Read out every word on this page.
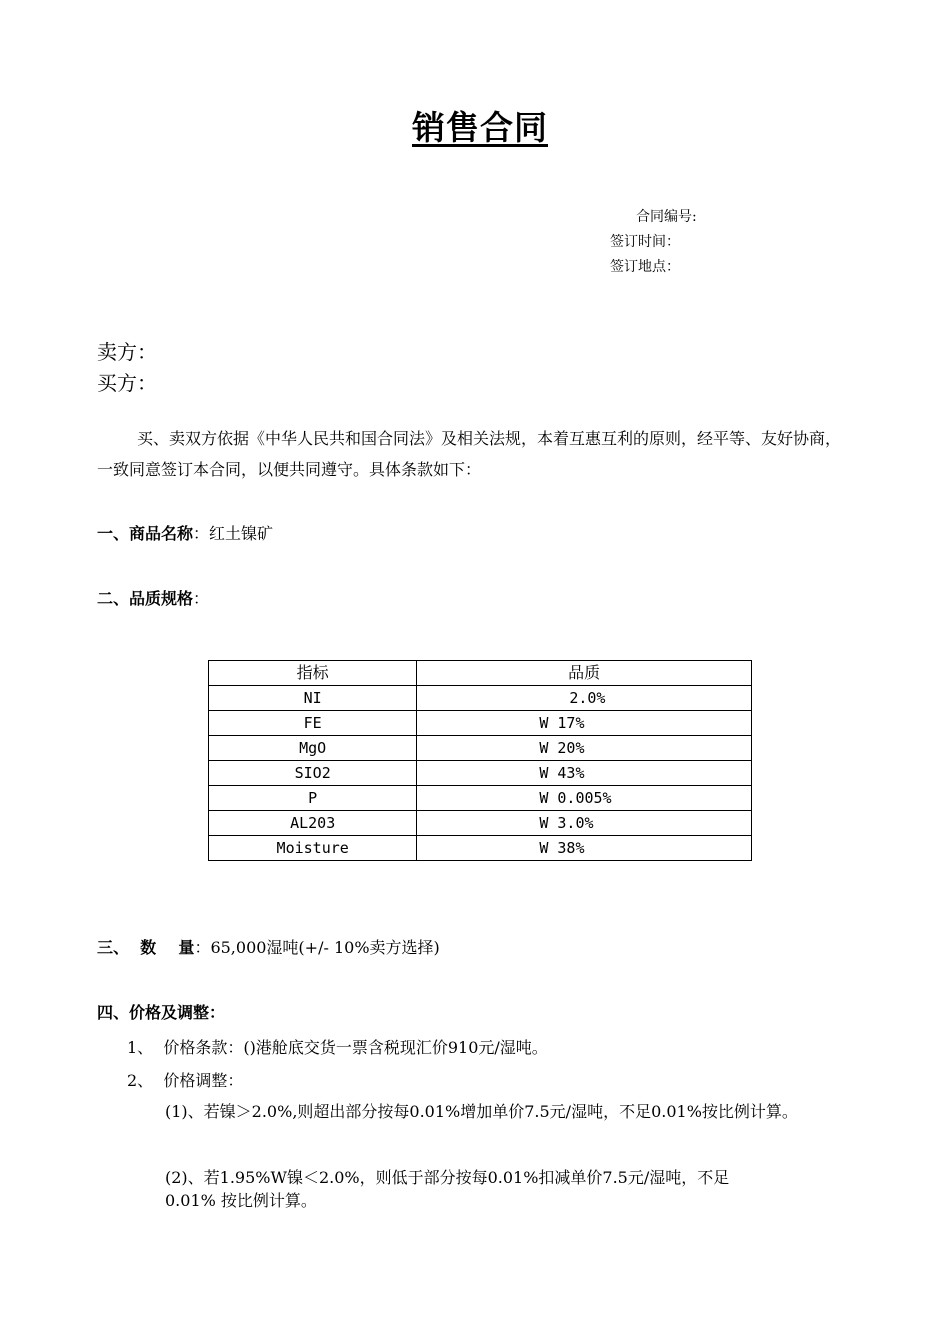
销售合同
合同编号:
签订时间：
签订地点：
卖方：
买方：
买、卖双方依据《中华人民共和国合同法》及相关法规，本着互惠互利的原则，经平等、友好协商，一致同意签订本合同，以便共同遵守。具体条款如下：
一、商品名称：红土镍矿
二、品质规格：
指标	品质
NI	2.0%
FE	W 17%
MgO	W 20%
SIO2	W 43%
P	W 0.005%
AL203	W 3.0%
Moisture	W 38%
三、  数    量：65,000湿吨(+/- 10%卖方选择)
四、价格及调整：
1、  价格条款：()港舱底交货一票含税现汇价910元/湿吨。
2、  价格调整：
(1)、若镍＞2.0%,则超出部分按每0.01%增加单价7.5元/湿吨，不足0.01%按比例计算。
(2)、若1.95%W镍＜2.0%，则低于部分按每0.01%扣减单价7.5元/湿吨，不足
0.01% 按比例计算。
